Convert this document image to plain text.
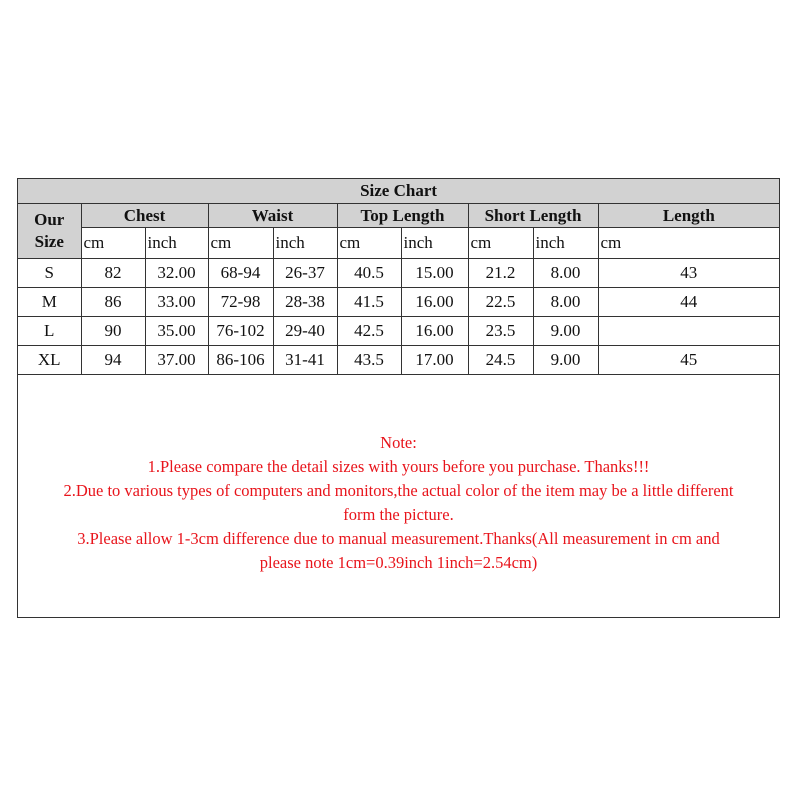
Size Chart									
Our
Size	Chest		Waist		Top Length		Short Length		Length
	cm	inch	cm	inch	cm	inch	cm	inch	cm
S	82	32.00	68-94	26-37	40.5	15.00	21.2	8.00	43
M	86	33.00	72-98	28-38	41.5	16.00	22.5	8.00	44
L	90	35.00	76-102	29-40	42.5	16.00	23.5	9.00	
XL	94	37.00	86-106	31-41	43.5	17.00	24.5	9.00	45
Note:
1.Please compare the detail sizes with yours before you purchase. Thanks!!!
2.Due to various types of computers and monitors,the actual color of the item may be a little different
form the picture.
3.Please allow 1-3cm difference due to manual measurement.Thanks(All measurement in cm and
please note 1cm=0.39inch 1inch=2.54cm)
